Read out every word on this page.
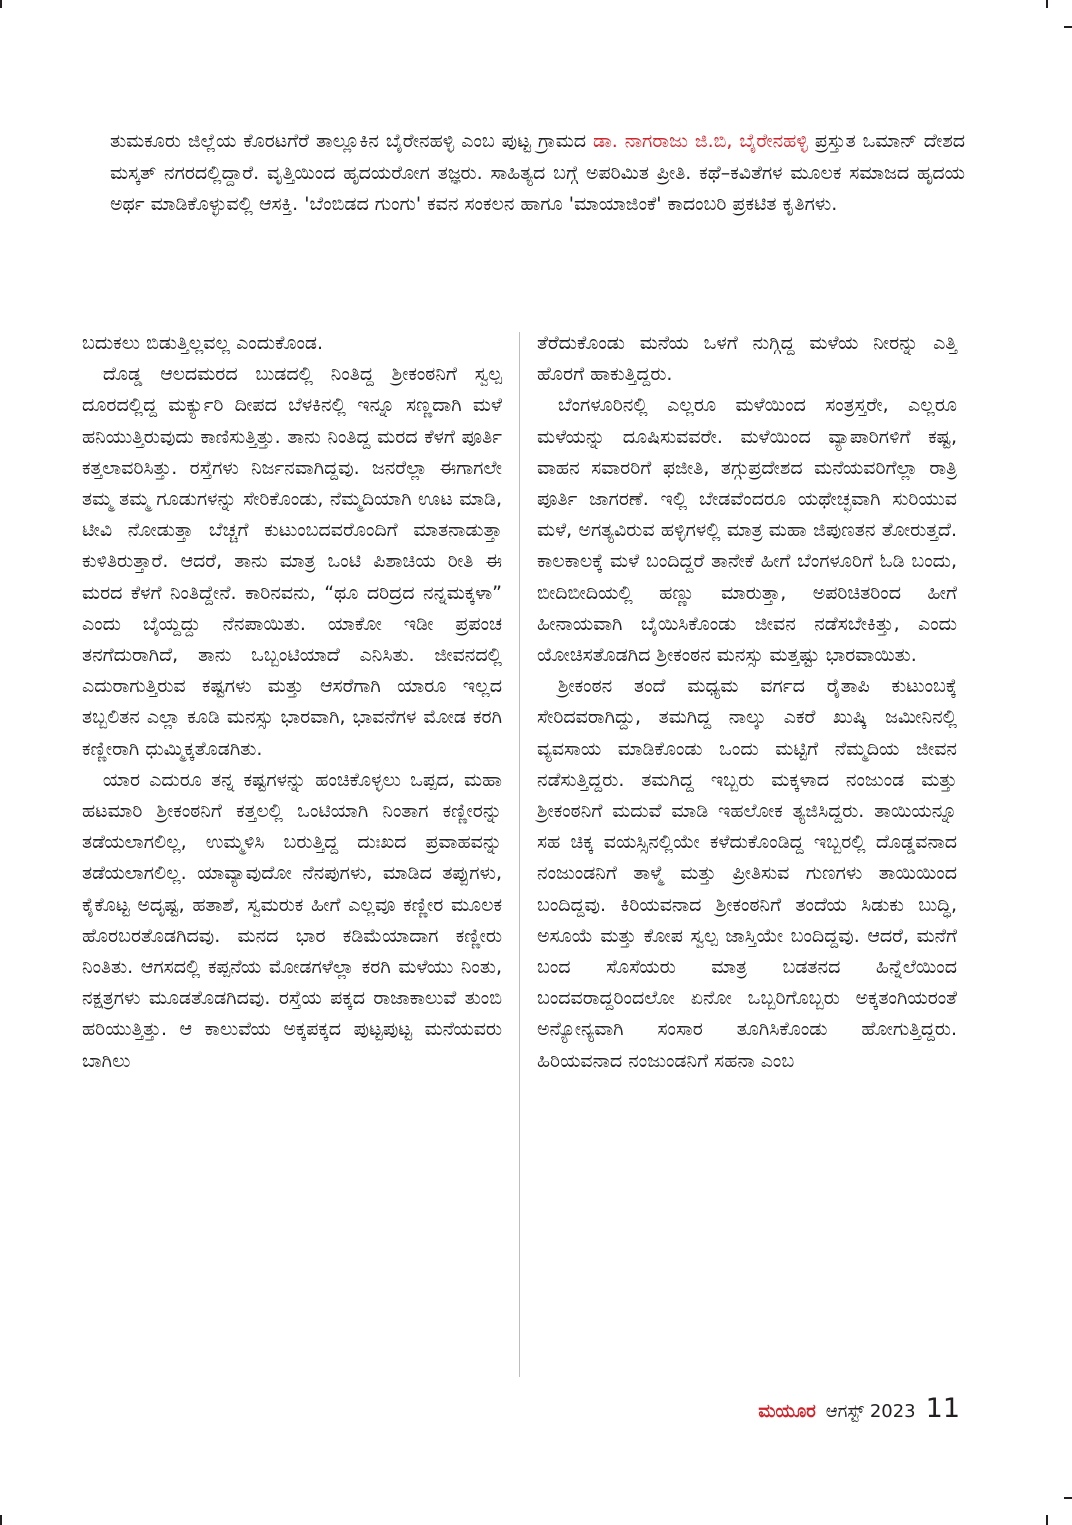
ತುಮಕೂರು ಜಿಲ್ಲೆಯ ಕೊರಟಗೆರೆ ತಾಲ್ಲೂಕಿನ ಬೈರೇನಹಳ್ಳಿ ಎಂಬ ಪುಟ್ಟ ಗ್ರಾಮದ ಡಾ. ನಾಗರಾಜು ಜಿ.ಬಿ, ಬೈರೇನಹಳ್ಳಿ ಪ್ರಸ್ತುತ ಒಮಾನ್ ದೇಶದ ಮಸ್ಕತ್ ನಗರದಲ್ಲಿದ್ದಾರೆ. ವೃತ್ತಿಯಿಂದ ಹೃದಯರೋಗ ತಜ್ಞರು. ಸಾಹಿತ್ಯದ ಬಗ್ಗೆ ಅಪರಿಮಿತ ಪ್ರೀತಿ. ಕಥೆ–ಕವಿತೆಗಳ ಮೂಲಕ ಸಮಾಜದ ಹೃದಯ ಅರ್ಥ ಮಾಡಿಕೊಳ್ಳುವಲ್ಲಿ ಆಸಕ್ತಿ. 'ಬೆಂಬಿಡದ ಗುಂಗು' ಕವನ ಸಂಕಲನ ಹಾಗೂ 'ಮಾಯಾಜಿಂಕೆ' ಕಾದಂಬರಿ ಪ್ರಕಟಿತ ಕೃತಿಗಳು.

ಬದುಕಲು ಬಿಡುತ್ತಿಲ್ಲವಲ್ಲ ಎಂದುಕೊಂಡ.

ದೊಡ್ಡ ಆಲದಮರದ ಬುಡದಲ್ಲಿ ನಿಂತಿದ್ದ ಶ್ರೀಕಂಠನಿಗೆ ಸ್ವಲ್ಪ ದೂರದಲ್ಲಿದ್ದ ಮರ್ಕ್ಯುರಿ ದೀಪದ ಬೆಳಕಿನಲ್ಲಿ ಇನ್ನೂ ಸಣ್ಣದಾಗಿ ಮಳೆ ಹನಿಯುತ್ತಿರುವುದು ಕಾಣಿಸುತ್ತಿತ್ತು. ತಾನು ನಿಂತಿದ್ದ ಮರದ ಕೆಳಗೆ ಪೂರ್ತಿ ಕತ್ತಲಾವರಿಸಿತ್ತು. ರಸ್ತೆಗಳು ನಿರ್ಜನವಾಗಿದ್ದವು. ಜನರೆಲ್ಲಾ ಈಗಾಗಲೇ ತಮ್ಮ ತಮ್ಮ ಗೂಡುಗಳನ್ನು ಸೇರಿಕೊಂಡು, ನೆಮ್ಮದಿಯಾಗಿ ಊಟ ಮಾಡಿ, ಟೀವಿ ನೋಡುತ್ತಾ ಬೆಚ್ಚಗೆ ಕುಟುಂಬದವರೊಂದಿಗೆ ಮಾತನಾಡುತ್ತಾ ಕುಳಿತಿರುತ್ತಾರೆ. ಆದರೆ, ತಾನು ಮಾತ್ರ ಒಂಟಿ ಪಿಶಾಚಿಯ ರೀತಿ ಈ ಮರದ ಕೆಳಗೆ ನಿಂತಿದ್ದೇನೆ. ಕಾರಿನವನು, “ಥೂ ದರಿದ್ರದ ನನ್ನಮಕ್ಕಳಾ” ಎಂದು ಬೈಯ್ದದ್ದು ನೆನಪಾಯಿತು. ಯಾಕೋ ಇಡೀ ಪ್ರಪಂಚ ತನಗೆದುರಾಗಿದೆ, ತಾನು ಒಬ್ಬಂಟಿಯಾದೆ ಎನಿಸಿತು. ಜೀವನದಲ್ಲಿ ಎದುರಾಗುತ್ತಿರುವ ಕಷ್ಟಗಳು ಮತ್ತು ಆಸರೆಗಾಗಿ ಯಾರೂ ಇಲ್ಲದ ತಬ್ಬಲಿತನ ಎಲ್ಲಾ ಕೂಡಿ ಮನಸ್ಸು ಭಾರವಾಗಿ, ಭಾವನೆಗಳ ಮೋಡ ಕರಗಿ ಕಣ್ಣೀರಾಗಿ ಧುಮ್ಮಿಕ್ಕತೊಡಗಿತು.

ಯಾರ ಎದುರೂ ತನ್ನ ಕಷ್ಟಗಳನ್ನು ಹಂಚಿಕೊಳ್ಳಲು ಒಪ್ಪದ, ಮಹಾ ಹಟಮಾರಿ ಶ್ರೀಕಂಠನಿಗೆ ಕತ್ತಲಲ್ಲಿ ಒಂಟಿಯಾಗಿ ನಿಂತಾಗ ಕಣ್ಣೀರನ್ನು ತಡೆಯಲಾಗಲಿಲ್ಲ, ಉಮ್ಮಳಿಸಿ ಬರುತ್ತಿದ್ದ ದುಃಖದ ಪ್ರವಾಹವನ್ನು ತಡೆಯಲಾಗಲಿಲ್ಲ. ಯಾವ್ಯಾವುದೋ ನೆನಪುಗಳು, ಮಾಡಿದ ತಪ್ಪುಗಳು, ಕೈಕೊಟ್ಟ ಅದೃಷ್ಟ, ಹತಾಶೆ, ಸ್ವಮರುಕ ಹೀಗೆ ಎಲ್ಲವೂ ಕಣ್ಣೀರ ಮೂಲಕ ಹೊರಬರತೊಡಗಿದವು. ಮನದ ಭಾರ ಕಡಿಮೆಯಾದಾಗ ಕಣ್ಣೀರು ನಿಂತಿತು. ಆಗಸದಲ್ಲಿ ಕಪ್ಪನೆಯ ಮೋಡಗಳೆಲ್ಲಾ ಕರಗಿ ಮಳೆಯು ನಿಂತು, ನಕ್ಷತ್ರಗಳು ಮೂಡತೊಡಗಿದವು. ರಸ್ತೆಯ ಪಕ್ಕದ ರಾಜಾಕಾಲುವೆ ತುಂಬಿ ಹರಿಯುತ್ತಿತ್ತು. ಆ ಕಾಲುವೆಯ ಅಕ್ಕಪಕ್ಕದ ಪುಟ್ಟಪುಟ್ಟ ಮನೆಯವರು ಬಾಗಿಲು

ತೆರೆದುಕೊಂಡು ಮನೆಯ ಒಳಗೆ ನುಗ್ಗಿದ್ದ ಮಳೆಯ ನೀರನ್ನು ಎತ್ತಿ ಹೊರಗೆ ಹಾಕುತ್ತಿದ್ದರು.

ಬೆಂಗಳೂರಿನಲ್ಲಿ ಎಲ್ಲರೂ ಮಳೆಯಿಂದ ಸಂತ್ರಸ್ತರೇ, ಎಲ್ಲರೂ ಮಳೆಯನ್ನು ದೂಷಿಸುವವರೇ. ಮಳೆಯಿಂದ ವ್ಯಾಪಾರಿಗಳಿಗೆ ಕಷ್ಟ, ವಾಹನ ಸವಾರರಿಗೆ ಫಜೀತಿ, ತಗ್ಗುಪ್ರದೇಶದ ಮನೆಯವರಿಗೆಲ್ಲಾ ರಾತ್ರಿ ಪೂರ್ತಿ ಜಾಗರಣೆ. ಇಲ್ಲಿ ಬೇಡವೆಂದರೂ ಯಥೇಚ್ಛವಾಗಿ ಸುರಿಯುವ ಮಳೆ, ಅಗತ್ಯವಿರುವ ಹಳ್ಳಿಗಳಲ್ಲಿ ಮಾತ್ರ ಮಹಾ ಜಿಪುಣತನ ತೋರುತ್ತದೆ. ಕಾಲಕಾಲಕ್ಕೆ ಮಳೆ ಬಂದಿದ್ದರೆ ತಾನೇಕೆ ಹೀಗೆ ಬೆಂಗಳೂರಿಗೆ ಓಡಿ ಬಂದು, ಬೀದಿಬೀದಿಯಲ್ಲಿ ಹಣ್ಣು ಮಾರುತ್ತಾ, ಅಪರಿಚಿತರಿಂದ ಹೀಗೆ ಹೀನಾಯವಾಗಿ ಬೈಯಿಸಿಕೊಂಡು ಜೀವನ ನಡೆಸಬೇಕಿತ್ತು, ಎಂದು ಯೋಚಿಸತೊಡಗಿದ ಶ್ರೀಕಂಠನ ಮನಸ್ಸು ಮತ್ತಷ್ಟು ಭಾರವಾಯಿತು.

ಶ್ರೀಕಂಠನ ತಂದೆ ಮಧ್ಯಮ ವರ್ಗದ ರೈತಾಪಿ ಕುಟುಂಬಕ್ಕೆ ಸೇರಿದವರಾಗಿದ್ದು, ತಮಗಿದ್ದ ನಾಲ್ಕು ಎಕರೆ ಖುಷ್ಕಿ ಜಮೀನಿನಲ್ಲಿ ವ್ಯವಸಾಯ ಮಾಡಿಕೊಂಡು ಒಂದು ಮಟ್ಟಿಗೆ ನೆಮ್ಮದಿಯ ಜೀವನ ನಡೆಸುತ್ತಿದ್ದರು. ತಮಗಿದ್ದ ಇಬ್ಬರು ಮಕ್ಕಳಾದ ನಂಜುಂಡ ಮತ್ತು ಶ್ರೀಕಂಠನಿಗೆ ಮದುವೆ ಮಾಡಿ ಇಹಲೋಕ ತ್ಯಜಿಸಿದ್ದರು. ತಾಯಿಯನ್ನೂ ಸಹ ಚಿಕ್ಕ ವಯಸ್ಸಿನಲ್ಲಿಯೇ ಕಳೆದುಕೊಂಡಿದ್ದ ಇಬ್ಬರಲ್ಲಿ ದೊಡ್ಡವನಾದ ನಂಜುಂಡನಿಗೆ ತಾಳ್ಮೆ ಮತ್ತು ಪ್ರೀತಿಸುವ ಗುಣಗಳು ತಾಯಿಯಿಂದ ಬಂದಿದ್ದವು. ಕಿರಿಯವನಾದ ಶ್ರೀಕಂಠನಿಗೆ ತಂದೆಯ ಸಿಡುಕು ಬುದ್ಧಿ, ಅಸೂಯೆ ಮತ್ತು ಕೋಪ ಸ್ವಲ್ಪ ಜಾಸ್ತಿಯೇ ಬಂದಿದ್ದವು. ಆದರೆ, ಮನೆಗೆ ಬಂದ ಸೊಸೆಯರು ಮಾತ್ರ ಬಡತನದ ಹಿನ್ನೆಲೆಯಿಂದ ಬಂದವರಾದ್ದರಿಂದಲೋ ಏನೋ ಒಬ್ಬರಿಗೊಬ್ಬರು ಅಕ್ಕತಂಗಿಯರಂತೆ ಅನ್ಯೋನ್ಯವಾಗಿ ಸಂಸಾರ ತೂಗಿಸಿಕೊಂಡು ಹೋಗುತ್ತಿದ್ದರು. ಹಿರಿಯವನಾದ ನಂಜುಂಡನಿಗೆ ಸಹನಾ ಎಂಬ

ಮಯೂರ ಆಗಸ್ಟ್ 2023 11
